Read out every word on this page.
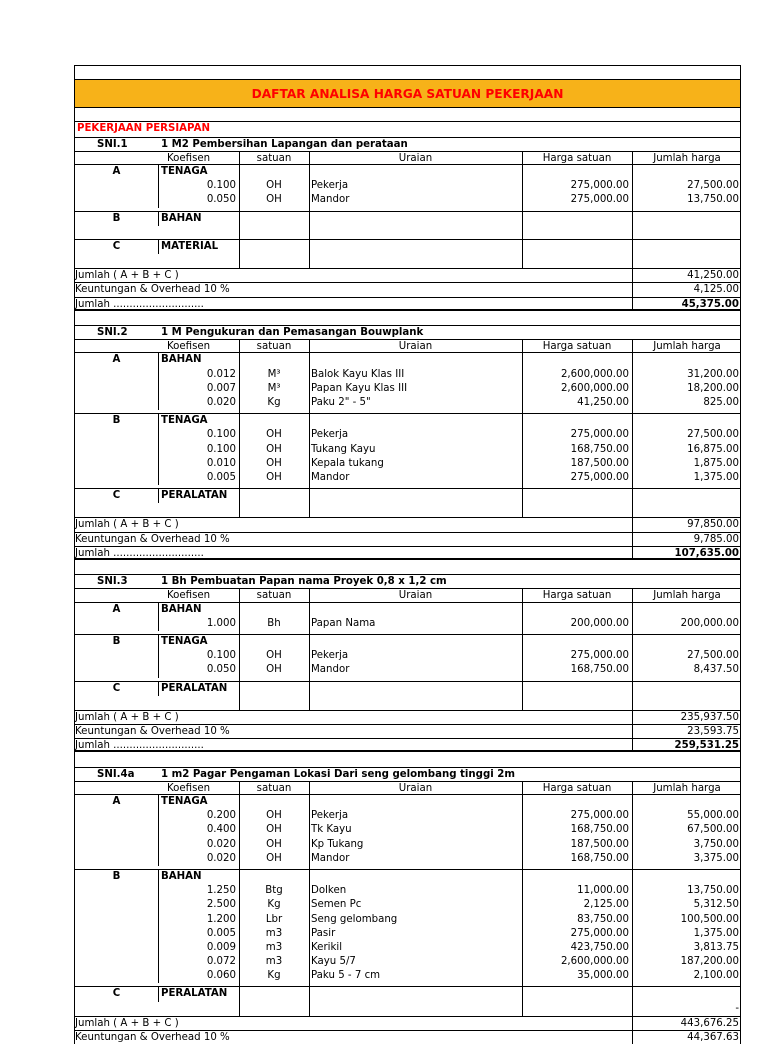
DAFTAR ANALISA HARGA SATUAN PEKERJAAN
PEKERJAAN PERSIAPAN
SNI.1	1 M2 Pembersihan Lapangan dan perataan
Koefisen	satuan	Uraian	Harga satuan	Jumlah harga
A	TENAGA
0.100	OH	Pekerja	275,000.00	27,500.00
0.050	OH	Mandor	275,000.00	13,750.00
B	BAHAN
C	MATERIAL
Jumlah ( A + B + C )	41,250.00
Keuntungan & Overhead 10 %	4,125.00
Jumlah ............................	45,375.00
SNI.2	1 M Pengukuran dan Pemasangan Bouwplank
Koefisen	satuan	Uraian	Harga satuan	Jumlah harga
A	BAHAN
0.012	M³	Balok Kayu Klas III	2,600,000.00	31,200.00
0.007	M³	Papan Kayu Klas III	2,600,000.00	18,200.00
0.020	Kg	Paku 2" - 5"	41,250.00	825.00
B	TENAGA
0.100	OH	Pekerja	275,000.00	27,500.00
0.100	OH	Tukang Kayu	168,750.00	16,875.00
0.010	OH	Kepala tukang	187,500.00	1,875.00
0.005	OH	Mandor	275,000.00	1,375.00
C	PERALATAN
Jumlah ( A + B + C )	97,850.00
Keuntungan & Overhead 10 %	9,785.00
Jumlah ............................	107,635.00
SNI.3	1 Bh Pembuatan Papan nama Proyek 0,8 x 1,2 cm
Koefisen	satuan	Uraian	Harga satuan	Jumlah harga
A	BAHAN
1.000	Bh	Papan Nama	200,000.00	200,000.00
B	TENAGA
0.100	OH	Pekerja	275,000.00	27,500.00
0.050	OH	Mandor	168,750.00	8,437.50
C	PERALATAN
Jumlah ( A + B + C )	235,937.50
Keuntungan & Overhead 10 %	23,593.75
Jumlah ............................	259,531.25
SNI.4a	1 m2 Pagar Pengaman Lokasi Dari seng gelombang tinggi 2m
Koefisen	satuan	Uraian	Harga satuan	Jumlah harga
A	TENAGA
0.200	OH	Pekerja	275,000.00	55,000.00
0.400	OH	Tk Kayu	168,750.00	67,500.00
0.020	OH	Kp Tukang	187,500.00	3,750.00
0.020	OH	Mandor	168,750.00	3,375.00
B	BAHAN
1.250	Btg	Dolken	11,000.00	13,750.00
2.500	Kg	Semen Pc	2,125.00	5,312.50
1.200	Lbr	Seng gelombang	83,750.00	100,500.00
0.005	m3	Pasir	275,000.00	1,375.00
0.009	m3	Kerikil	423,750.00	3,813.75
0.072	m3	Kayu 5/7	2,600,000.00	187,200.00
0.060	Kg	Paku 5 - 7 cm	35,000.00	2,100.00
C	PERALATAN
-
Jumlah ( A + B + C )	443,676.25
Keuntungan & Overhead 10 %	44,367.63
